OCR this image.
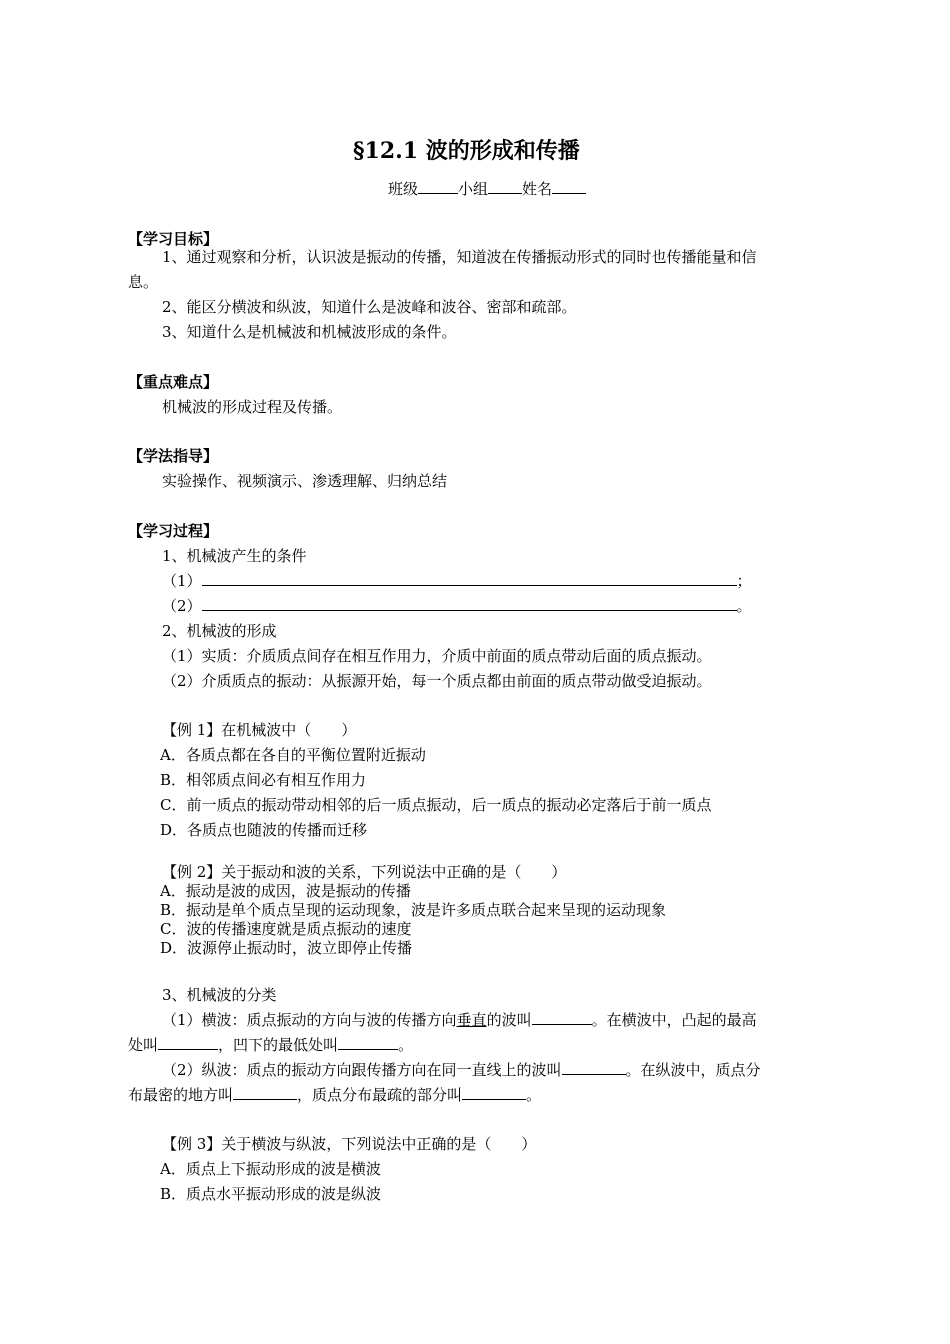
§12.1 波的形成和传播
班级	小组 姓名
【学习目标】
1、通过观察和分析，认识波是振动的传播，知道波在传播振动形式的同时也传播能量和信
息。
2、能区分横波和纵波，知道什么是波峰和波谷、密部和疏部。
3、知道什么是机械波和机械波形成的条件。
【重点难点】
机械波的形成过程及传播。
【学法指导】
实验操作、视频演示、渗透理解、归纳总结
【学习过程】
1、机械波产生的条件
（1）	；
（2）	。
2、机械波的形成
（1）实质：介质质点间存在相互作用力，介质中前面的质点带动后面的质点振动。
（2）介质质点的振动：从振源开始，每一个质点都由前面的质点带动做受迫振动。
【例 1】在机械波中（　　）
A．各质点都在各自的平衡位置附近振动
B．相邻质点间必有相互作用力
C．前一质点的振动带动相邻的后一质点振动，后一质点的振动必定落后于前一质点
D．各质点也随波的传播而迁移
【例 2】关于振动和波的关系，下列说法中正确的是（　　）
A．振动是波的成因，波是振动的传播
B．振动是单个质点呈现的运动现象，波是许多质点联合起来呈现的运动现象
C．波的传播速度就是质点振动的速度
D．波源停止振动时，波立即停止传播
3、机械波的分类
（1）横波：质点振动的方向与波的传播方向垂直的波叫	。在横波中，凸起的最高
处叫	，凹下的最低处叫	。
（2）纵波：质点的振动方向跟传播方向在同一直线上的波叫	。在纵波中，质点分
布最密的地方叫	，质点分布最疏的部分叫	。
【例 3】关于横波与纵波，下列说法中正确的是（　　）
A．质点上下振动形成的波是横波
B．质点水平振动形成的波是纵波
